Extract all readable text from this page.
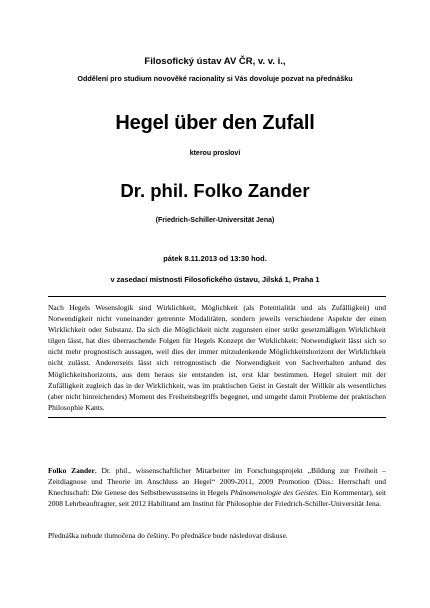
Filosofický ústav AV ČR, v. v. i.,
Oddělení pro studium novověké racionality si Vás dovoluje pozvat na přednášku
Hegel über den Zufall
kterou prosloví
Dr. phil. Folko Zander
(Friedrich-Schiller-Universität Jena)
pátek 8.11.2013 od 13:30 hod.
v zasedací místnosti Filosofického ústavu, Jilská 1, Praha 1

Nach Hegels Wesenslogik sind Wirklichkeit, Möglichkeit (als Potentialität und als Zufälligkeit) und Notwendigkeit nicht voneinander getrennte Modalitäten, sondern jeweils verschiedene Aspekte der einen Wirklichkeit oder Substanz. Da sich die Möglichkeit nicht zugunsten einer strikt gesetzmäßigen Wirklichkeit tilgen lässt, hat dies überraschende Folgen für Hegels Konzept der Wirklichkeit: Notwendigkeit lässt sich so nicht mehr prognostisch aussagen, weil dies der immer mitzudenkende Möglichkeitshorizont der Wirklichkeit nicht zulässt. Andererseits lässt sich retrognostisch die Notwendigkeit von Sachverhalten anhand des Möglichkeitshorizonts, aus dem heraus sie entstanden ist, erst klar bestimmen. Hegel situiert mit der Zufälligkeit zugleich das in der Wirklichkeit, was im praktischen Geist in Gestalt der Willkür als wesentliches (aber nicht hinreichendes) Moment des Freiheitsbegriffs begegnet, und umgeht damit Probleme der praktischen Philosophie Kants.

Folko Zander, Dr. phil., wissenschaftlicher Mitarbeiter im Forschungsprojekt „Bildung zur Freiheit – Zeitdiagnose und Theorie im Anschluss an Hegel“ 2009-2011, 2009 Promotion (Diss.: Herrschaft und Knechtschaft: Die Genese des Selbstbewusstseins in Hegels Phänomenologie des Geistes. Ein Kommentar), seit 2008 Lehrbeauftragter, seit 2012 Habilitand am Institut für Philosophie der Friedrich-Schiller-Universität Jena.

Přednáška nebude tlumočena do češtiny. Po přednášce bude následovat diskuse.
